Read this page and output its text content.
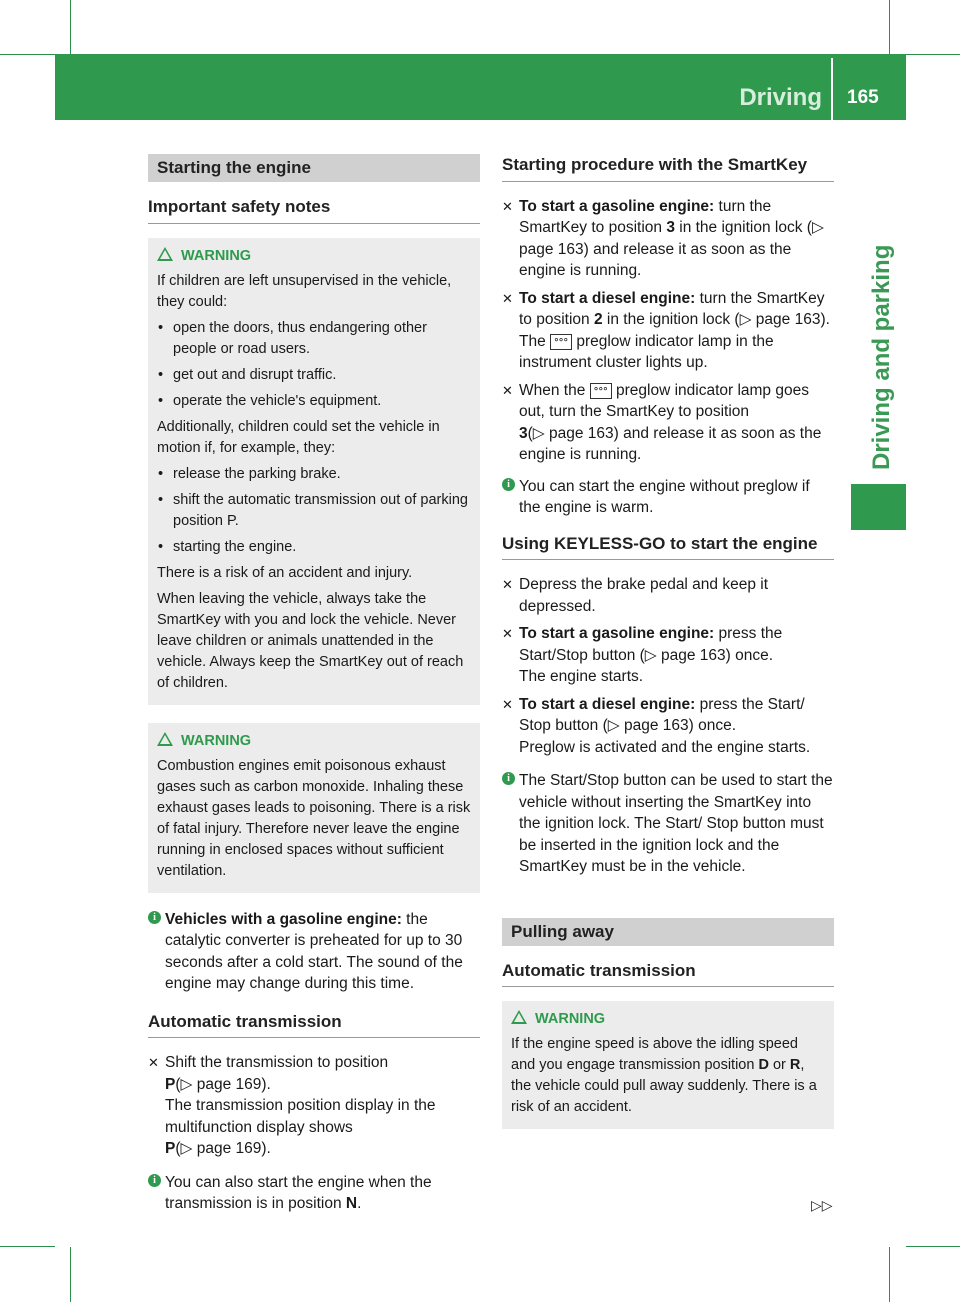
Driving 165
Driving and parking
Starting the engine
Important safety notes
WARNING

If children are left unsupervised in the vehicle, they could:

• open the doors, thus endangering other people or road users.
• get out and disrupt traffic.
• operate the vehicle's equipment.

Additionally, children could set the vehicle in motion if, for example, they:

• release the parking brake.
• shift the automatic transmission out of parking position P.
• starting the engine.

There is a risk of an accident and injury.

When leaving the vehicle, always take the SmartKey with you and lock the vehicle. Never leave children or animals unattended in the vehicle. Always keep the SmartKey out of reach of children.

WARNING

Combustion engines emit poisonous exhaust gases such as carbon monoxide. Inhaling these exhaust gases leads to poisoning. There is a risk of fatal injury. Therefore never leave the engine running in enclosed spaces without sufficient ventilation.

i Vehicles with a gasoline engine: the catalytic converter is preheated for up to 30 seconds after a cold start. The sound of the engine may change during this time.
Automatic transmission
✕ Shift the transmission to position
P(▷ page 169).
The transmission position display in the multifunction display shows
P(▷ page 169).
i You can also start the engine when the transmission is in position N.
Starting procedure with the SmartKey
✕ To start a gasoline engine: turn the SmartKey to position 3 in the ignition lock (▷ page 163) and release it as soon as the engine is running.
✕ To start a diesel engine: turn the SmartKey to position 2 in the ignition lock (▷ page 163).
The ᐤᐤᐤ preglow indicator lamp in the instrument cluster lights up.
✕ When the ᐤᐤᐤ preglow indicator lamp goes out, turn the SmartKey to position
3(▷ page 163) and release it as soon as the engine is running.
i You can start the engine without preglow if the engine is warm.
Using KEYLESS-GO to start the engine
✕ Depress the brake pedal and keep it depressed.
✕ To start a gasoline engine: press the Start/Stop button (▷ page 163) once.
The engine starts.
✕ To start a diesel engine: press the Start/ Stop button (▷ page 163) once.
Preglow is activated and the engine starts.
i The Start/Stop button can be used to start the vehicle without inserting the SmartKey into the ignition lock. The Start/ Stop button must be inserted in the ignition lock and the SmartKey must be in the vehicle.
Pulling away
Automatic transmission
WARNING

If the engine speed is above the idling speed and you engage transmission position D or R, the vehicle could pull away suddenly. There is a risk of an accident.

▷▷
